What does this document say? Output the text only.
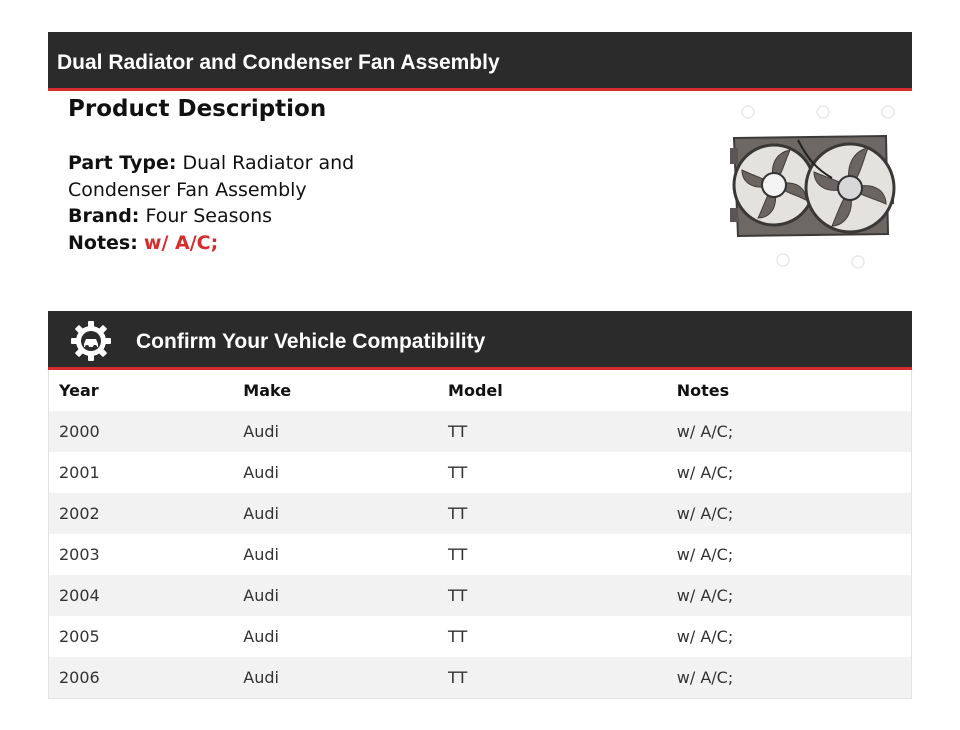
Dual Radiator and Condenser Fan Assembly
Product Description
Part Type: Dual Radiator and Condenser Fan Assembly
Brand: Four Seasons
Notes: w/ A/C;
Confirm Your Vehicle Compatibility
Year	Make	Model	Notes
2000	Audi	TT	w/ A/C;
2001	Audi	TT	w/ A/C;
2002	Audi	TT	w/ A/C;
2003	Audi	TT	w/ A/C;
2004	Audi	TT	w/ A/C;
2005	Audi	TT	w/ A/C;
2006	Audi	TT	w/ A/C;
